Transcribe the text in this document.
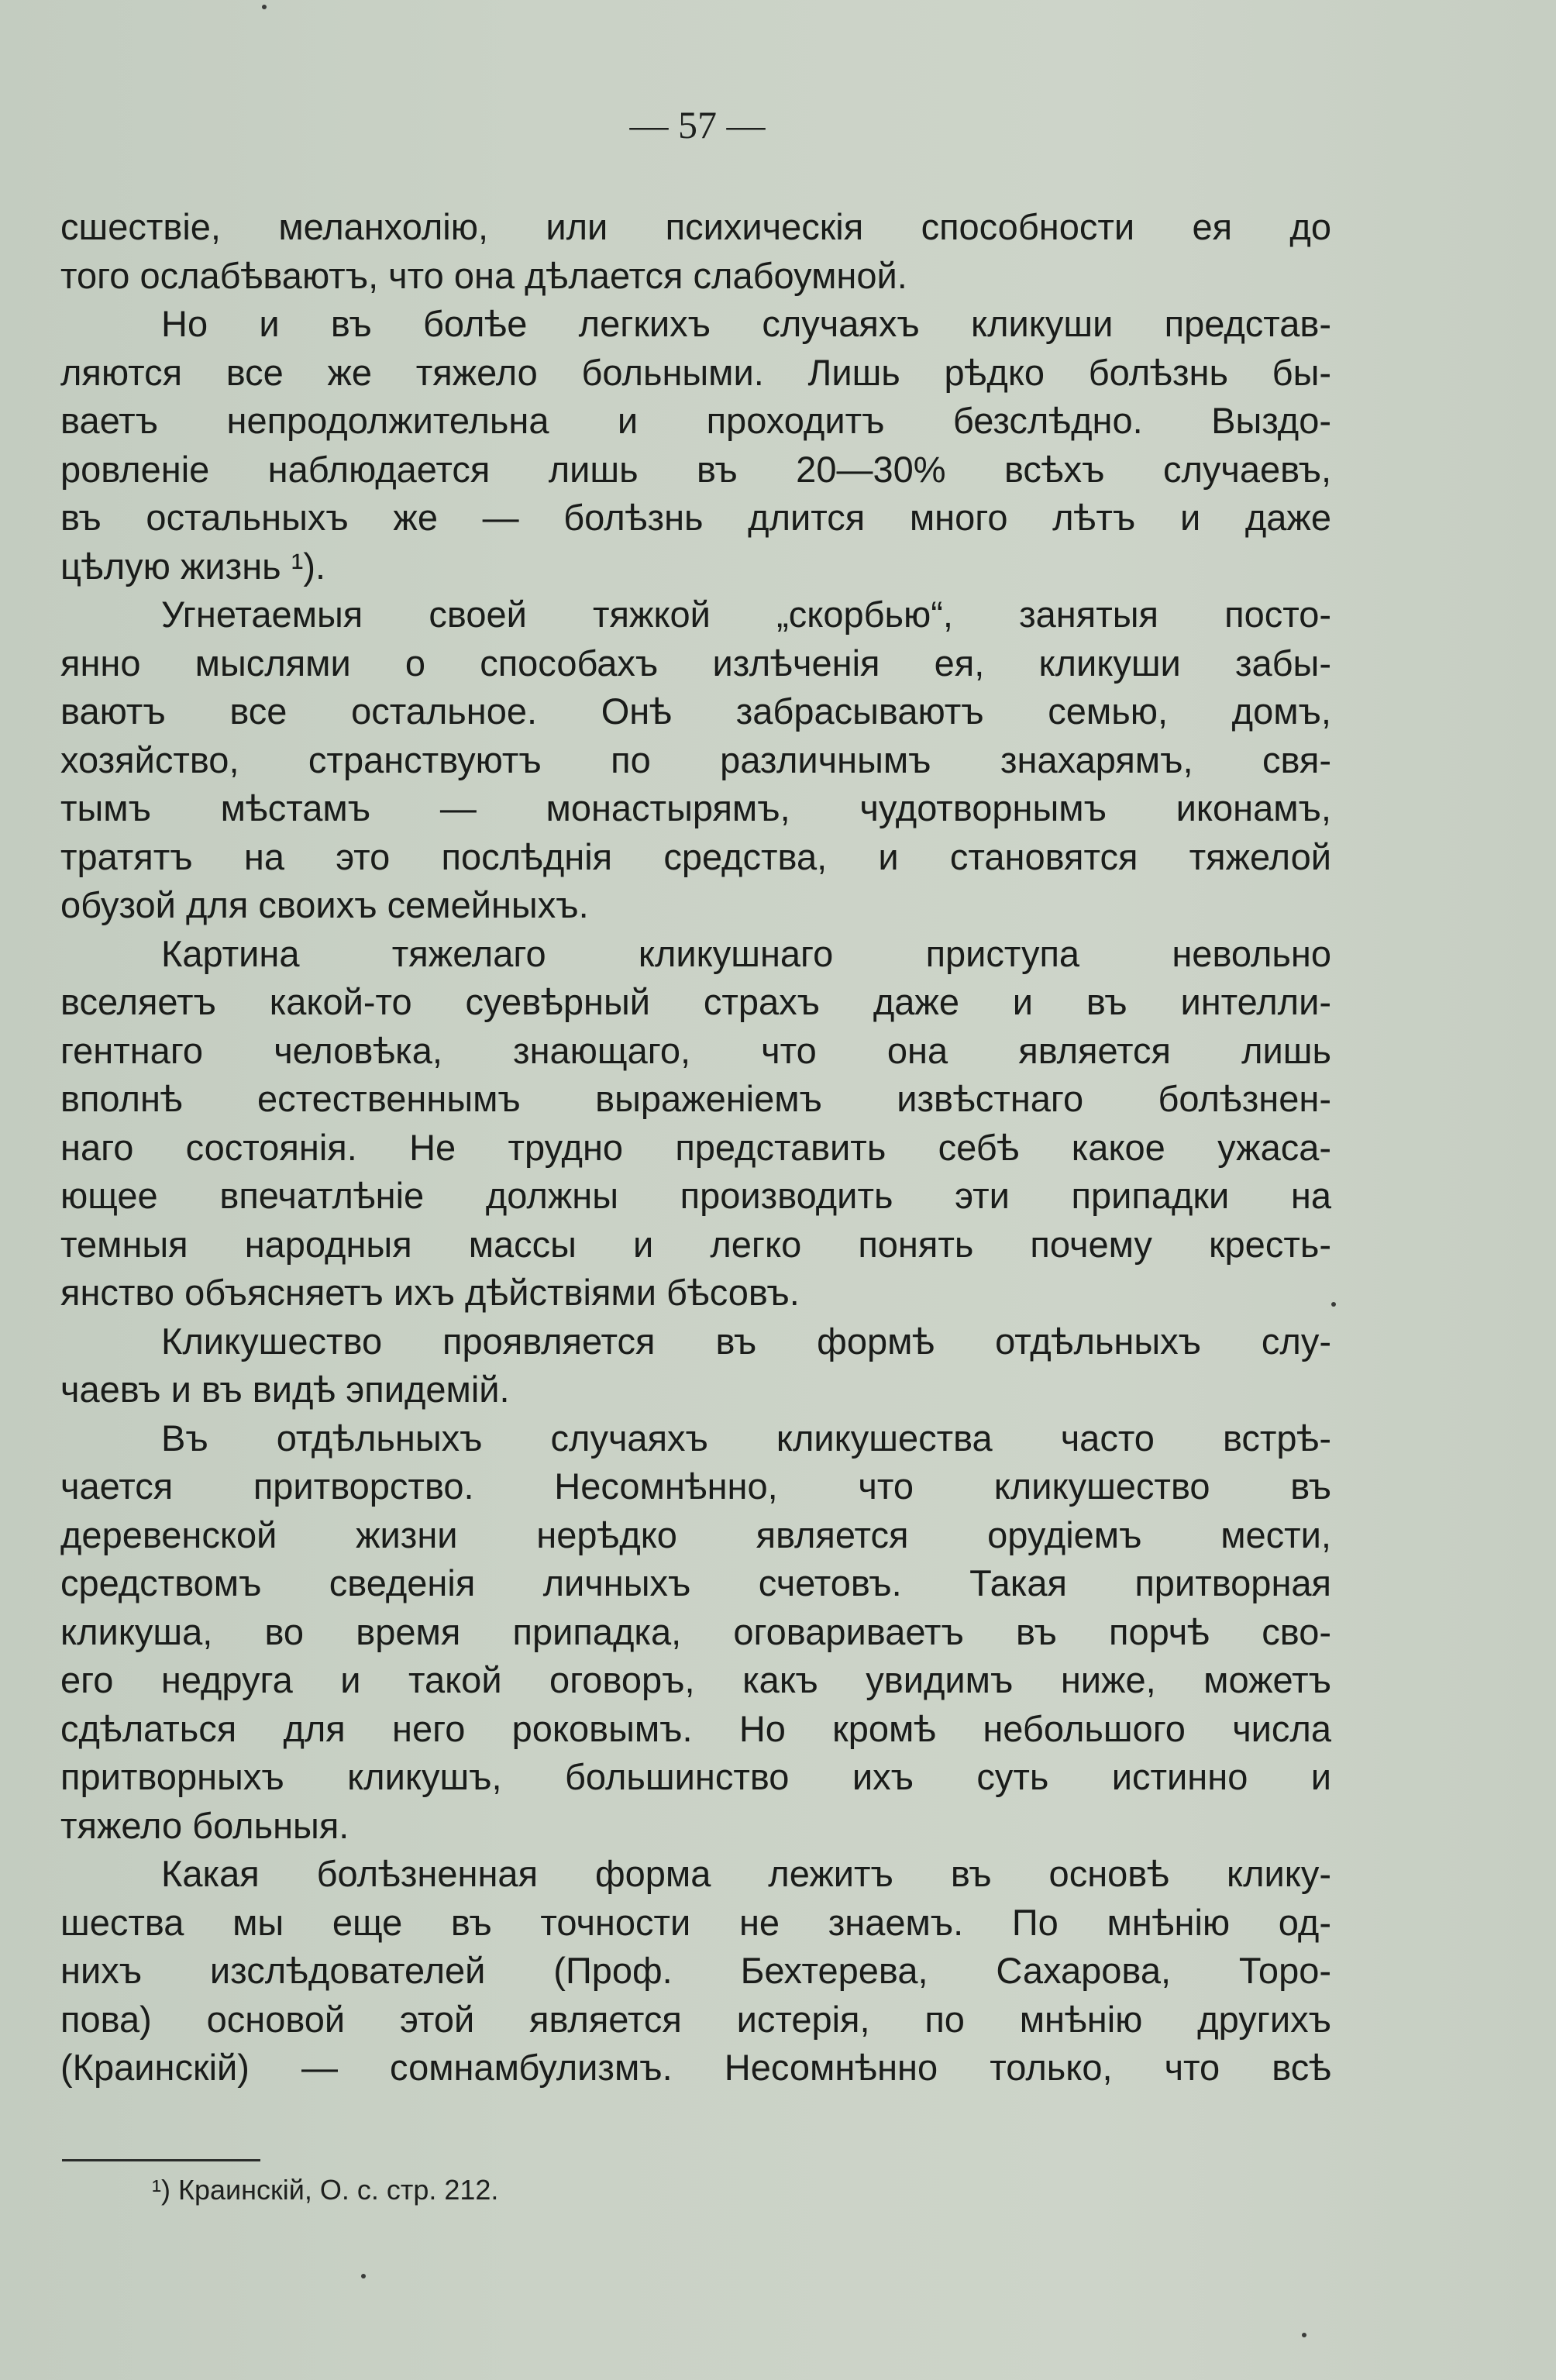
— 57 —
сшествіе, меланхолію, или психическія способности ея до
того ослабѣваютъ, что она дѣлается слабоумной.
Но и въ болѣе легкихъ случаяхъ кликуши представ-
ляются все же тяжело больными. Лишь рѣдко болѣзнь бы-
ваетъ непродолжительна и проходитъ безслѣдно. Выздо-
ровленіе наблюдается лишь въ 20—30% всѣхъ случаевъ,
въ остальныхъ же — болѣзнь длится много лѣтъ и даже
цѣлую жизнь ¹).
Угнетаемыя своей тяжкой „скорбью“, занятыя посто-
янно мыслями о способахъ излѣченія ея, кликуши забы-
ваютъ все остальное. Онѣ забрасываютъ семью, домъ,
хозяйство, странствуютъ по различнымъ знахарямъ, свя-
тымъ мѣстамъ — монастырямъ, чудотворнымъ иконамъ,
тратятъ на это послѣднія средства, и становятся тяжелой
обузой для своихъ семейныхъ.
Картина тяжелаго кликушнаго приступа невольно
вселяетъ какой-то суевѣрный страхъ даже и въ интелли-
гентнаго человѣка, знающаго, что она является лишь
вполнѣ естественнымъ выраженіемъ извѣстнаго болѣзнен-
наго состоянія. Не трудно представить себѣ какое ужаса-
ющее впечатлѣніе должны производить эти припадки на
темныя народныя массы и легко понять почему кресть-
янство объясняетъ ихъ дѣйствіями бѣсовъ.
Кликушество проявляется въ формѣ отдѣльныхъ слу-
чаевъ и въ видѣ эпидемій.
Въ отдѣльныхъ случаяхъ кликушества часто встрѣ-
чается притворство. Несомнѣнно, что кликушество въ
деревенской жизни нерѣдко является орудіемъ мести,
средствомъ сведенія личныхъ счетовъ. Такая притворная
кликуша, во время припадка, оговариваетъ въ порчѣ сво-
его недруга и такой оговоръ, какъ увидимъ ниже, можетъ
сдѣлаться для него роковымъ. Но кромѣ небольшого числа
притворныхъ кликушъ, большинство ихъ суть истинно и
тяжело больныя.
Какая болѣзненная форма лежитъ въ основѣ клику-
шества мы еще въ точности не знаемъ. По мнѣнію од-
нихъ изслѣдователей (Проф. Бехтерева, Сахарова, Торо-
пова) основой этой является истерія, по мнѣнію другихъ
(Краинскій) — сомнамбулизмъ. Несомнѣнно только, что всѣ
¹) Краинскій, О. с. стр. 212.
